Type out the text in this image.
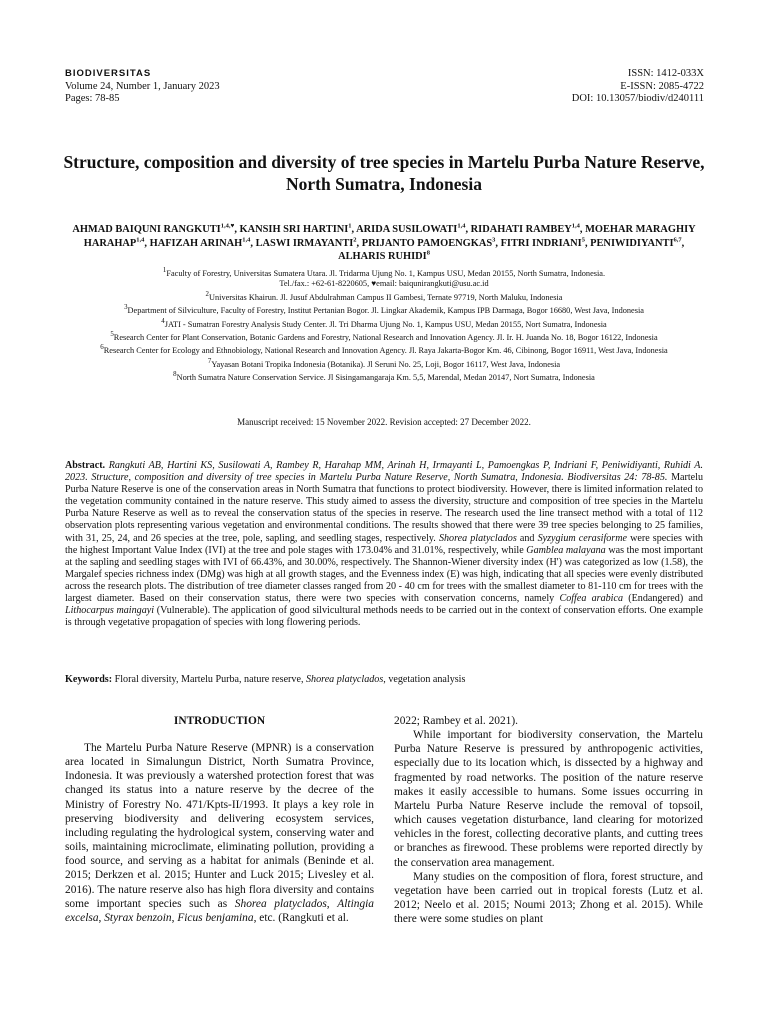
BIODIVERSITAS
Volume 24, Number 1, January 2023
Pages: 78-85
ISSN: 1412-033X
E-ISSN: 2085-4722
DOI: 10.13057/biodiv/d240111
Structure, composition and diversity of tree species in Martelu Purba Nature Reserve, North Sumatra, Indonesia

AHMAD BAIQUNI $RANGKUTI^{1,4,♥}$, KANSIH SRI HARTINI$^1$, ARIDA SUSILOWATI$^{1,4}$, RIDAHATI RAMBEY$^{1,4}$, MOEHAR MARAGHIY HARAHAP$^{1,4}$, HAFIZAH ARINAH$^{1,4}$, LASWI IRMAYANTI$^2$, PRIJANTO PAMOENGKAS$^3$, FITRI INDRIANI$^5$, PENIWIDIYANTI$^{6,7}$, ALHARIS RUHIDI$^8$

$^1$Faculty of Forestry, Universitas Sumatera Utara. Jl. Tridarma Ujung No. 1, Kampus USU, Medan 20155, North Sumatra, Indonesia.
Tel./fax.: +62-61-8220605, ♥email: baiqunirangkuti@usu.ac.id
$^2$Universitas Khairun. Jl. Jusuf Abdulrahman Campus II Gambesi, Ternate 97719, North Maluku, Indonesia
$^3$Department of Silviculture, Faculty of Forestry, Institut Pertanian Bogor. Jl. Lingkar Akademik, Kampus IPB Darmaga, Bogor 16680, West Java, Indonesia
$^4$JATI - Sumatran Forestry Analysis Study Center. Jl. Tri Dharma Ujung No. 1, Kampus USU, Medan 20155, Nort Sumatra, Indonesia
$^5$Research Center for Plant Conservation, Botanic Gardens and Forestry, National Research and Innovation Agency. Jl. Ir. H. Juanda No. 18, Bogor 16122, Indonesia
$^6$Research Center for Ecology and Ethnobiology, National Research and Innovation Agency. Jl. Raya Jakarta-Bogor Km. 46, Cibinong, Bogor 16911, West Java, Indonesia
$^7$Yayasan Botani Tropika Indonesia (Botanika). Jl Seruni No. 25, Loji, Bogor 16117, West Java, Indonesia
$^8$North Sumatra Nature Conservation Service. Jl Sisingamangaraja Km. 5,5, Marendal, Medan 20147, Nort Sumatra, Indonesia
Manuscript received: 15 November 2022. Revision accepted: 27 December 2022.

Abstract. Rangkuti AB, Hartini KS, Susilowati A, Rambey R, Harahap MM, Arinah H, Irmayanti L, Pamoengkas P, Indriani F, Peniwidiyanti, Ruhidi A. 2023. Structure, composition and diversity of tree species in Martelu Purba Nature Reserve, North Sumatra, Indonesia. Biodiversitas 24: 78-85. Martelu Purba Nature Reserve is one of the conservation areas in North Sumatra that functions to protect biodiversity. However, there is limited information related to the vegetation community contained in the nature reserve. This study aimed to assess the diversity, structure and composition of tree species in the Martelu Purba Nature Reserve as well as to reveal the conservation status of the species in reserve. The research used the line transect method with a total of 112 observation plots representing various vegetation and environmental conditions. The results showed that there were 39 tree species belonging to 25 families, with 31, 25, 24, and 26 species at the tree, pole, sapling, and seedling stages, respectively. Shorea platyclados and Syzygium cerasiforme were species with the highest Important Value Index (IVI) at the tree and pole stages with 173.04% and 31.01%, respectively, while Gamblea malayana was the most important at the sapling and seedling stages with IVI of 66.43%, and 30.00%, respectively. The Shannon-Wiener diversity index (H') was categorized as low (1.58), the Margalef species richness index (DMg) was high at all growth stages, and the Evenness index (E) was high, indicating that all species were evenly distributed across the research plots. The distribution of tree diameter classes ranged from 20 - 40 cm for trees with the smallest diameter to 81-110 cm for trees with the largest diameter. Based on their conservation status, there were two species with conservation concerns, namely Coffea arabica (Endangered) and Lithocarpus maingayi (Vulnerable). The application of good silvicultural methods needs to be carried out in the context of conservation efforts. One example is through vegetative propagation of species with long flowering periods.

Keywords: Floral diversity, Martelu Purba, nature reserve, Shorea platyclados, vegetation analysis

INTRODUCTION

The Martelu Purba Nature Reserve (MPNR) is a conservation area located in Simalungun District, North Sumatra Province, Indonesia. It was previously a watershed protection forest that was changed its status into a nature reserve by the decree of the Ministry of Forestry No. 471/Kpts-II/1993. It plays a key role in preserving biodiversity and delivering ecosystem services, including regulating the hydrological system, conserving water and soils, maintaining microclimate, eliminating pollution, providing a food source, and serving as a habitat for animals (Beninde et al. 2015; Derkzen et al. 2015; Hunter and Luck 2015; Livesley et al. 2016). The nature reserve also has high flora diversity and contains some important species such as Shorea platyclados, Altingia excelsa, Styrax benzoin, Ficus benjamina, etc. (Rangkuti et al.

2022; Rambey et al. 2021).

While important for biodiversity conservation, the Martelu Purba Nature Reserve is pressured by anthropogenic activities, especially due to its location which, is dissected by a highway and fragmented by road networks. The position of the nature reserve makes it easily accessible to humans. Some issues occurring in Martelu Purba Nature Reserve include the removal of topsoil, which causes vegetation disturbance, land clearing for motorized vehicles in the forest, collecting decorative plants, and cutting trees or branches as firewood. These problems were reported directly by the conservation area management.

Many studies on the composition of flora, forest structure, and vegetation have been carried out in tropical forests (Lutz et al. 2012; Neelo et al. 2015; Noumi 2013; Zhong et al. 2015). While there were some studies on plant
